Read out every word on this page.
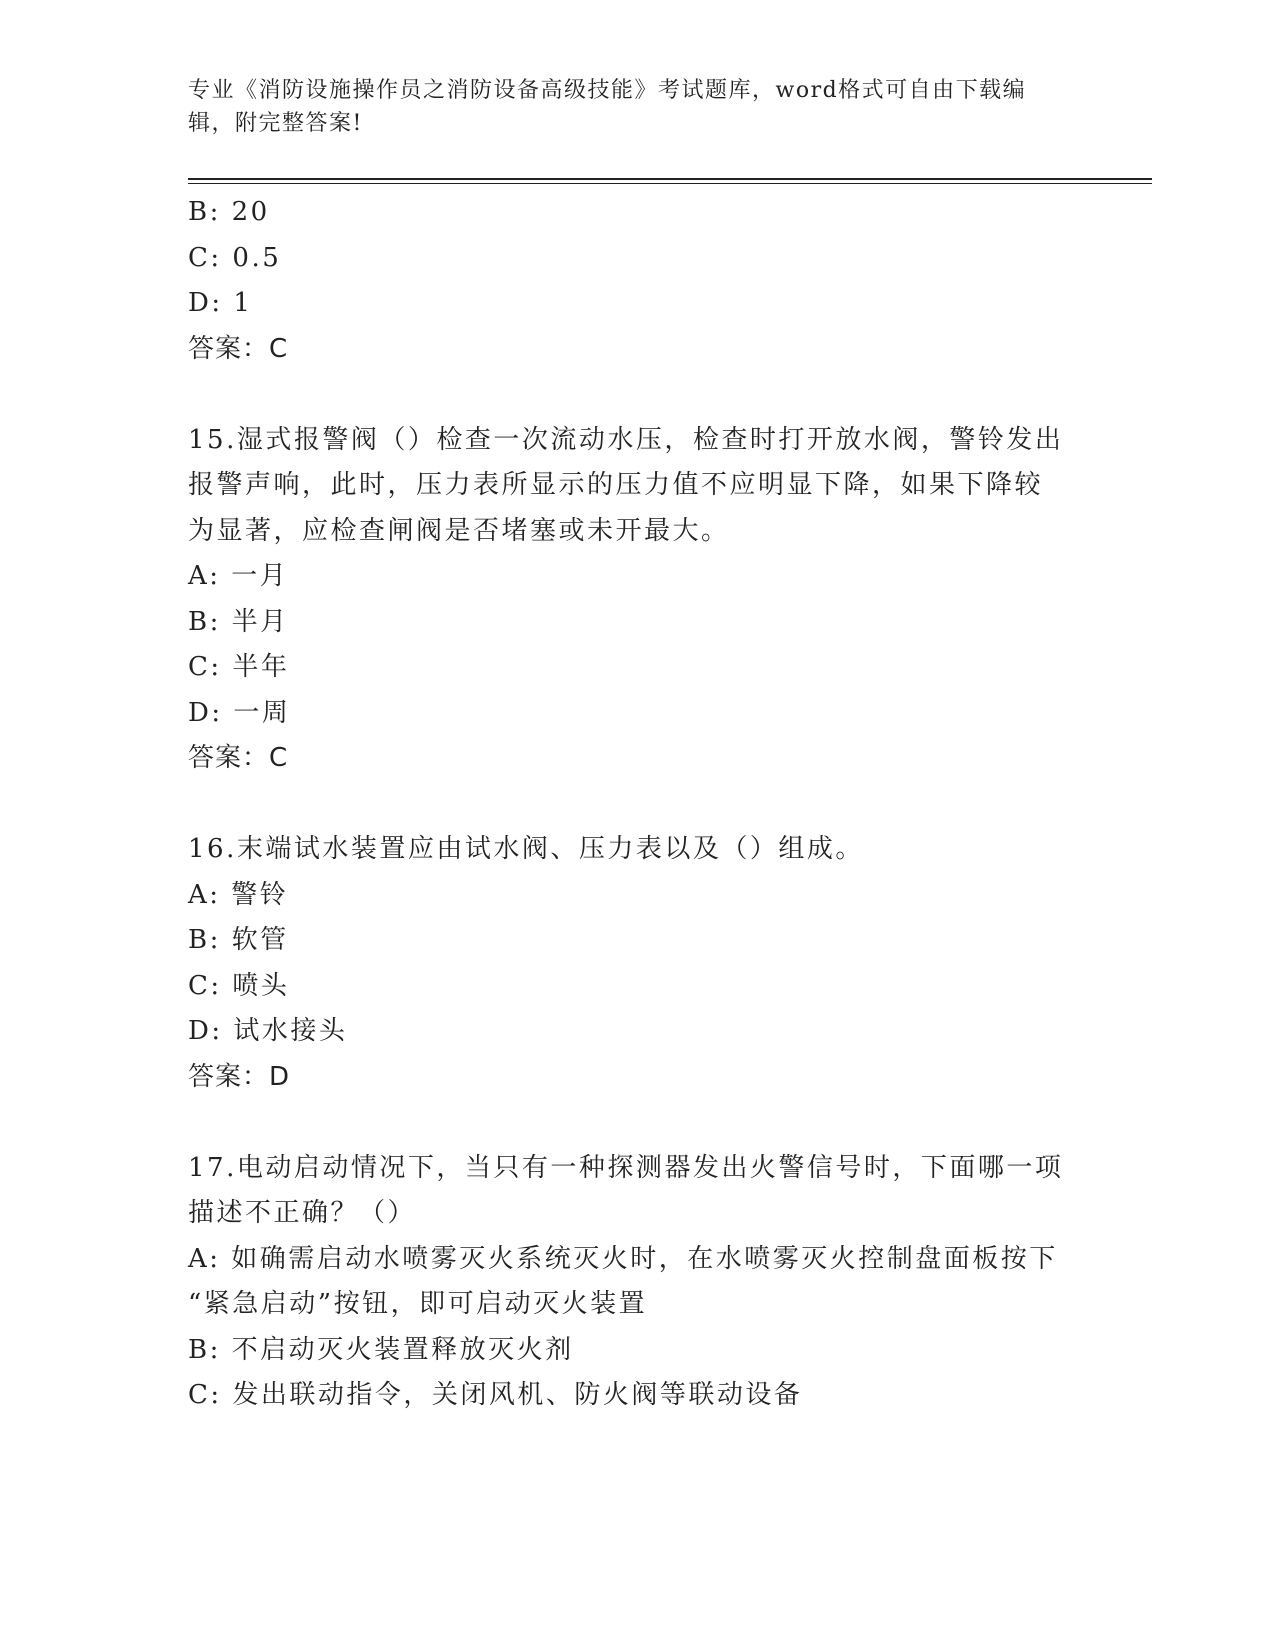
专业《消防设施操作员之消防设备高级技能》考试题库，word格式可自由下载编
辑，附完整答案!
B: 20
C: 0.5
D: 1
答案：C
15.湿式报警阀（）检查一次流动水压，检查时打开放水阀，警铃发出
报警声响，此时，压力表所显示的压力值不应明显下降，如果下降较
为显著，应检查闸阀是否堵塞或未开最大。
A: 一月
B: 半月
C: 半年
D: 一周
答案：C
16.末端试水装置应由试水阀、压力表以及（）组成。
A: 警铃
B: 软管
C: 喷头
D: 试水接头
答案：D
17.电动启动情况下，当只有一种探测器发出火警信号时，下面哪一项
描述不正确？（）
A: 如确需启动水喷雾灭火系统灭火时，在水喷雾灭火控制盘面板按下
“紧急启动”按钮，即可启动灭火装置
B: 不启动灭火装置释放灭火剂
C: 发出联动指令，关闭风机、防火阀等联动设备
